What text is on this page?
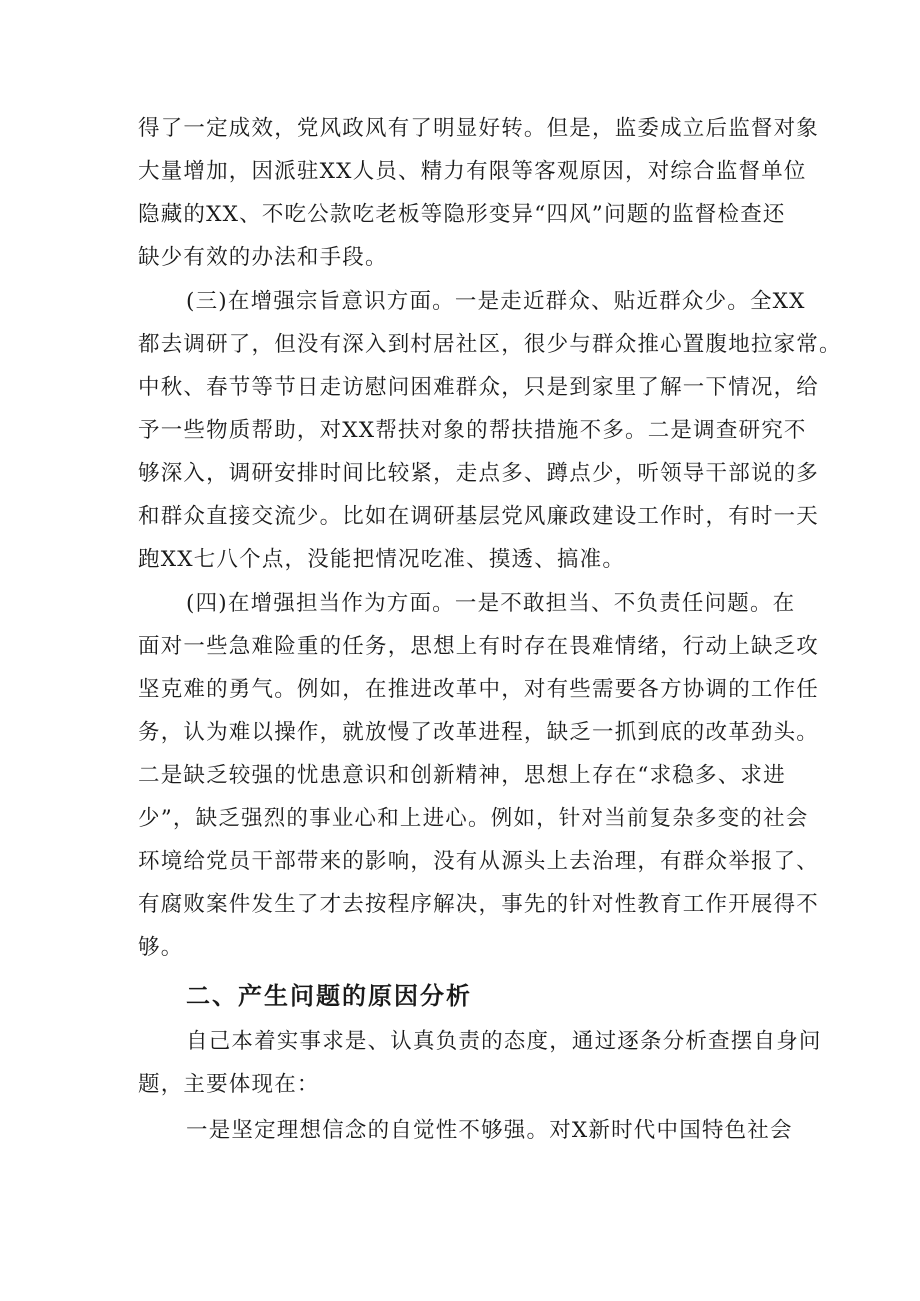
得了一定成效，党风政风有了明显好转。但是，监委成立后监督对象
大量增加，因派驻XX人员、精力有限等客观原因，对综合监督单位
隐藏的XX、不吃公款吃老板等隐形变异“四风”问题的监督检查还
缺少有效的办法和手段。
(三)在增强宗旨意识方面。一是走近群众、贴近群众少。全XX
都去调研了，但没有深入到村居社区，很少与群众推心置腹地拉家常。
中秋、春节等节日走访慰问困难群众，只是到家里了解一下情况，给
予一些物质帮助，对XX帮扶对象的帮扶措施不多。二是调查研究不
够深入，调研安排时间比较紧，走点多、蹲点少，听领导干部说的多
和群众直接交流少。比如在调研基层党风廉政建设工作时，有时一天
跑XX七八个点，没能把情况吃准、摸透、搞准。
(四)在增强担当作为方面。一是不敢担当、不负责任问题。在
面对一些急难险重的任务，思想上有时存在畏难情绪，行动上缺乏攻
坚克难的勇气。例如，在推进改革中，对有些需要各方协调的工作任
务，认为难以操作，就放慢了改革进程，缺乏一抓到底的改革劲头。
二是缺乏较强的忧患意识和创新精神，思想上存在“求稳多、求进
少”，缺乏强烈的事业心和上进心。例如，针对当前复杂多变的社会
环境给党员干部带来的影响，没有从源头上去治理，有群众举报了、
有腐败案件发生了才去按程序解决，事先的针对性教育工作开展得不
够。
二、产生问题的原因分析
自己本着实事求是、认真负责的态度，通过逐条分析查摆自身问
题，主要体现在：
一是坚定理想信念的自觉性不够强。对X新时代中国特色社会
